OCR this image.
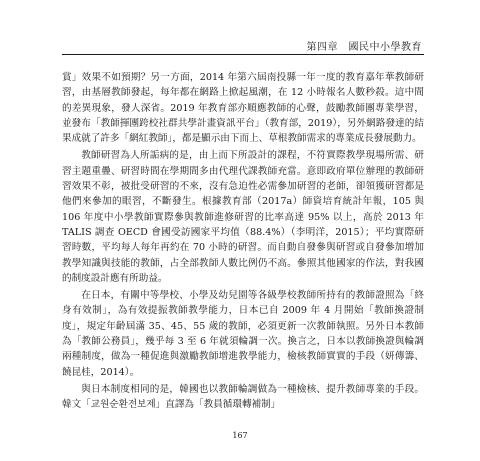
第四章　國民中小學教育

賞」效果不如預期？另一方面，2014 年第六屆南投縣一年一度的教育嘉年華教師研習，由基層教師發起，每年都在網路上掀起風潮，在 12 小時報名人數秒殺。這中間的差異現象，發人深省。2019 年教育部亦順應教師的心聲，鼓勵教師團專業學習，並發布「教師揮團跨校社群共學計畫資訊平台」（教育部，2019），另外網路發達的結果成就了許多「網紅教師」，都是顯示由下而上、草根教師需求的專業成長發展動力。

教師研習為人所詬病的是，由上而下所設計的課程，不符實際教學現場所需、研習主題重疊、研習時間在學期間多由代理代課教師充當。意即政府單位辦理的教師研習效果不彰，被批受研習的不來，沒有急迫性必需參加研習的老師，卻領獲研習都是他們來參加的眼習，不斷發生。根據教育部（2017a）師資培育統計年報，105 與 106 年度中小學教師實際參與教師進修研習的比率高達 95% 以上，高於 2013 年 TALIS 調查 OECD 會國受訪國家平均值（88.4%）（李明洋，2015）；平均實際研習時數，平均每人每年再約在 70 小時的研習。而自動自發參與研習或自發參加增加教學知識與技能的教師，占全部教師人數比例仍不高。參照其他國家的作法，對我國的制度設計應有所助益。

在日本，有關中等學校、小學及幼兒園等各級學校教師所持有的教師證照為「終身有效制」，為有效提振教師教學能力，日本已自 2009 年 4 月開始「教師換證制度」，規定年齡屆滿 35、45、55 歲的教師，必須更新一次教師執照。另外日本教師為「教師公務員」，幾乎每 3 至 6 年就須輪調一次。換言之，日本以教師換證與輪調兩種制度，做為一種促進與激勵教師增進教學能力，檢核教師實實的手段（妍傳籌、饒昆桂，2014）。

與日本制度相同的是，韓國也以教師輪調做為一種檢核、提升教師專業的手段。韓文「교원순환전보제」直譯為「教員循環轉補制」

167
